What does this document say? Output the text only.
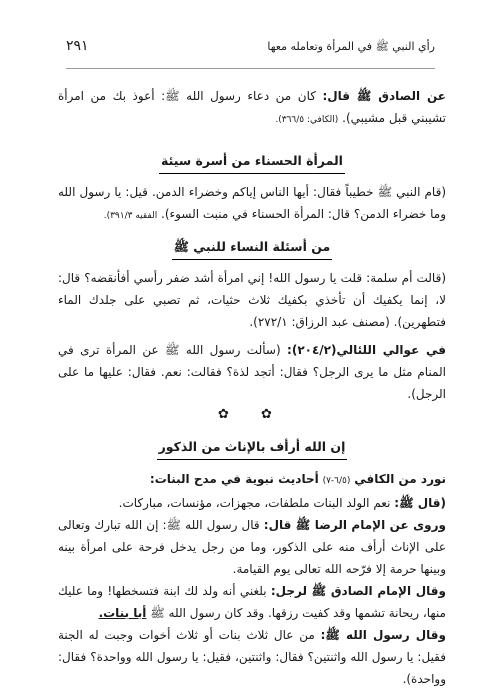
رأي النبي ﷺ في المرأة وتعامله معها
٢٩١

عن الصادق ﷺ قال: كان من دعاء رسول الله ﷺ: أعوذ بك من امرأة تشيبني قبل مشيبي). (الكافي: ٣٦٦/٥).

المرأة الحسناء من أسرة سيئة

(قام النبي ﷺ خطيباً فقال: أيها الناس إياكم وخضراء الدمن. قيل: يا رسول الله وما خضراء الدمن؟ قال: المرأة الحسناء في منبت السوء). الفقيه ٣٩١/٣).

من أسئلة النساء للنبي ﷺ

(قالت أم سلمة: قلت يا رسول الله! إني امرأة أشد ضفر رأسي أفأنقضه؟ قال: لا، إنما يكفيك أن تأخذي بكفيك ثلاث حثيات، ثم تصبي على جلدك الماء فتطهرين). (مصنف عبد الرزاق: ٢٧٢/١).

في عوالي اللئالي(٢٠٤/٢): (سألت رسول الله ﷺ عن المرأة ترى في المنام مثل ما يرى الرجل؟ فقال: أتجد لذة؟ فقالت: نعم. فقال: عليها ما على الرجل).

✿ ✿
إن الله أرأف بالإناث من الذكور

نورد من الكافي (٦/٥-٧) أحاديث نبوية في مدح البنات:

(قال ﷺ: نعم الولد البنات ملطفات، مجهزات، مؤنسات، مباركات.

وروى عن الإمام الرضا ﷺ قال: قال رسول الله ﷺ: إن الله تبارك وتعالى على الإناث أرأف منه على الذكور، وما من رجل يدخل فرحة على امرأة بينه وبينها حرمة إلا فرّحه الله تعالى يوم القيامة.

وقال الإمام الصادق ﷺ لرجل: بلغني أنه ولد لك ابنة فتسخطها! وما عليك منها، ريحانة تشمها وقد كفيت رزقها. وقد كان رسول الله ﷺ أبا بنات.

وقال رسول الله ﷺ: من عال ثلاث بنات أو ثلاث أخوات وجبت له الجنة فقيل: يا رسول الله واثنتين؟ فقال: واثنتين، فقيل: يا رسول الله وواحدة؟ فقال: وواحدة).
